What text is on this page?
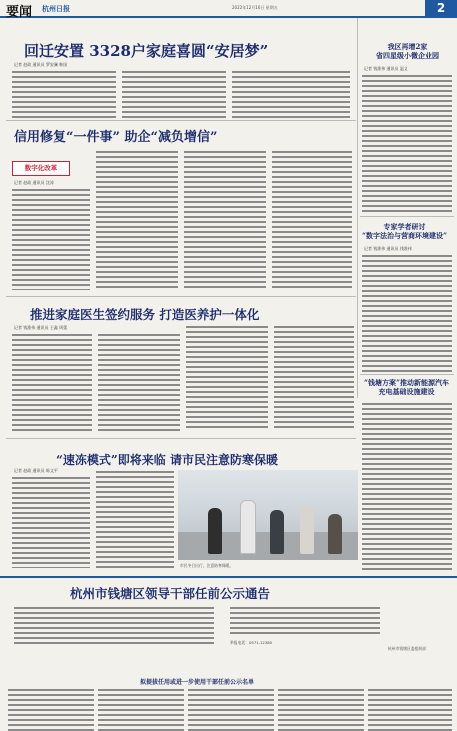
要闻 杭州日报	2022年12月16日 星期五	2
回迁安置 3328户家庭喜圆“安居梦”
记者 赵政 通讯员 罗安澜 韩国
信用修复“一件事” 助企“减负增信”
数字化改革
记者 赵政 通讯员 沈涛
推进家庭医生签约服务 打造医养护一体化
记者 钱淮伟 通讯员 王鑫 周蕾
“速冻模式”即将来临 请市民注意防寒保暖
记者 赵政 通讯员 陈文平
市民冬日出行，注意防寒保暖。
我区再增2家
省四星级小微企业园
记者 钱淮伟 通讯员 温义
专家学者研讨
“数字法治与营商环境建设”
记者 钱淮伟 通讯员 钱淮伟
“钱塘方案”推动新能源汽车
充电基础设施建设
杭州市钱塘区领导干部任前公示通告
举报电话：0571-12380
杭州市钱塘区委组织部
拟提拔任用或进一步使用干部任前公示名单
